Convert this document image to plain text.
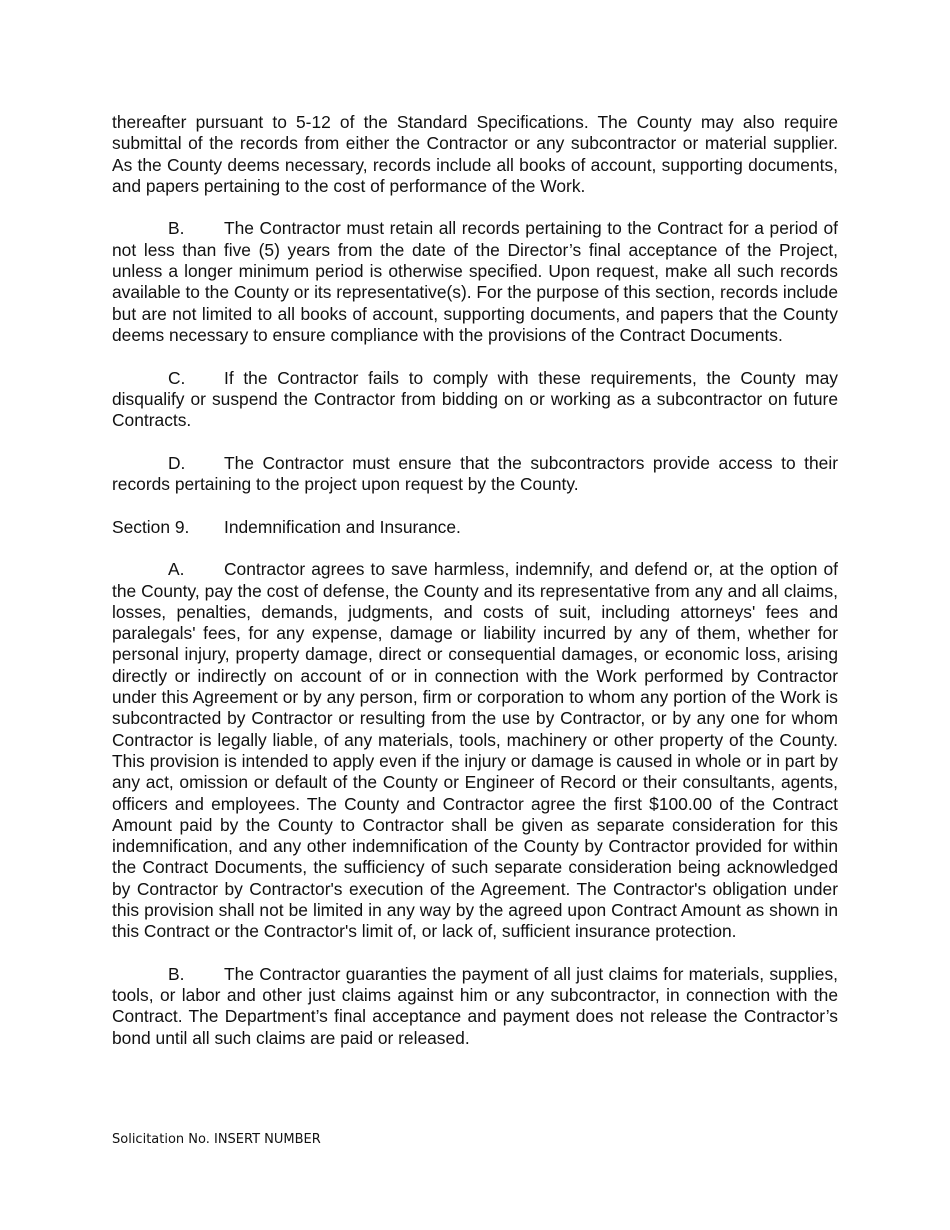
thereafter pursuant to 5-12 of the Standard Specifications. The County may also require submittal of the records from either the Contractor or any subcontractor or material supplier. As the County deems necessary, records include all books of account, supporting documents, and papers pertaining to the cost of performance of the Work.

B. The Contractor must retain all records pertaining to the Contract for a period of not less than five (5) years from the date of the Director’s final acceptance of the Project, unless a longer minimum period is otherwise specified. Upon request, make all such records available to the County or its representative(s). For the purpose of this section, records include but are not limited to all books of account, supporting documents, and papers that the County deems necessary to ensure compliance with the provisions of the Contract Documents.

C. If the Contractor fails to comply with these requirements, the County may disqualify or suspend the Contractor from bidding on or working as a subcontractor on future Contracts.

D. The Contractor must ensure that the subcontractors provide access to their records pertaining to the project upon request by the County.

Section 9. Indemnification and Insurance.

A. Contractor agrees to save harmless, indemnify, and defend or, at the option of the County, pay the cost of defense, the County and its representative from any and all claims, losses, penalties, demands, judgments, and costs of suit, including attorneys' fees and paralegals' fees, for any expense, damage or liability incurred by any of them, whether for personal injury, property damage, direct or consequential damages, or economic loss, arising directly or indirectly on account of or in connection with the Work performed by Contractor under this Agreement or by any person, firm or corporation to whom any portion of the Work is subcontracted by Contractor or resulting from the use by Contractor, or by any one for whom Contractor is legally liable, of any materials, tools, machinery or other property of the County. This provision is intended to apply even if the injury or damage is caused in whole or in part by any act, omission or default of the County or Engineer of Record or their consultants, agents, officers and employees. The County and Contractor agree the first $100.00 of the Contract Amount paid by the County to Contractor shall be given as separate consideration for this indemnification, and any other indemnification of the County by Contractor provided for within the Contract Documents, the sufficiency of such separate consideration being acknowledged by Contractor by Contractor's execution of the Agreement. The Contractor's obligation under this provision shall not be limited in any way by the agreed upon Contract Amount as shown in this Contract or the Contractor's limit of, or lack of, sufficient insurance protection.

B. The Contractor guaranties the payment of all just claims for materials, supplies, tools, or labor and other just claims against him or any subcontractor, in connection with the Contract. The Department’s final acceptance and payment does not release the Contractor’s bond until all such claims are paid or released.

Solicitation No. INSERT NUMBER
